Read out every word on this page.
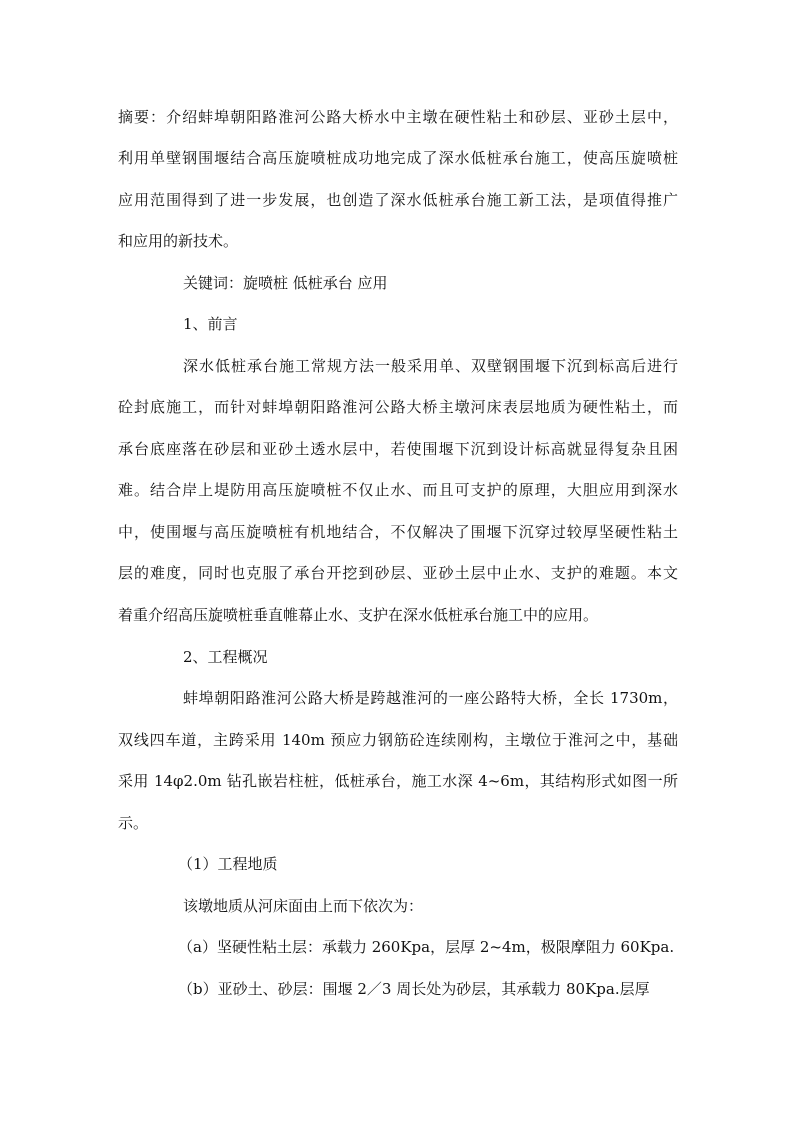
摘要：介绍蚌埠朝阳路淮河公路大桥水中主墩在硬性粘土和砂层、亚砂土层中，
利用单壁钢围堰结合高压旋喷桩成功地完成了深水低桩承台施工，使高压旋喷桩
应用范围得到了进一步发展，也创造了深水低桩承台施工新工法，是项值得推广
和应用的新技术。
关键词：旋喷桩 低桩承台 应用
1、前言
深水低桩承台施工常规方法一般采用单、双壁钢围堰下沉到标高后进行
砼封底施工，而针对蚌埠朝阳路淮河公路大桥主墩河床表层地质为硬性粘土，而
承台底座落在砂层和亚砂土透水层中，若使围堰下沉到设计标高就显得复杂且困
难。结合岸上堤防用高压旋喷桩不仅止水、而且可支护的原理，大胆应用到深水
中，使围堰与高压旋喷桩有机地结合，不仅解决了围堰下沉穿过较厚坚硬性粘土
层的难度，同时也克服了承台开挖到砂层、亚砂土层中止水、支护的难题。本文
着重介绍高压旋喷桩垂直帷幕止水、支护在深水低桩承台施工中的应用。
2、工程概况
蚌埠朝阳路淮河公路大桥是跨越淮河的一座公路特大桥，全长 1730m，
双线四车道，主跨采用 140m 预应力钢筋砼连续刚构，主墩位于淮河之中，基础
采用 14φ2.0m 钻孔嵌岩柱桩，低桩承台，施工水深 4~6m，其结构形式如图一所
示。
（1）工程地质
该墩地质从河床面由上而下依次为：
（a）坚硬性粘土层：承载力 260Kpa，层厚 2~4m，极限摩阻力 60Kpa.
（b）亚砂土、砂层：围堰 2／3 周长处为砂层，其承载力 80Kpa.层厚
